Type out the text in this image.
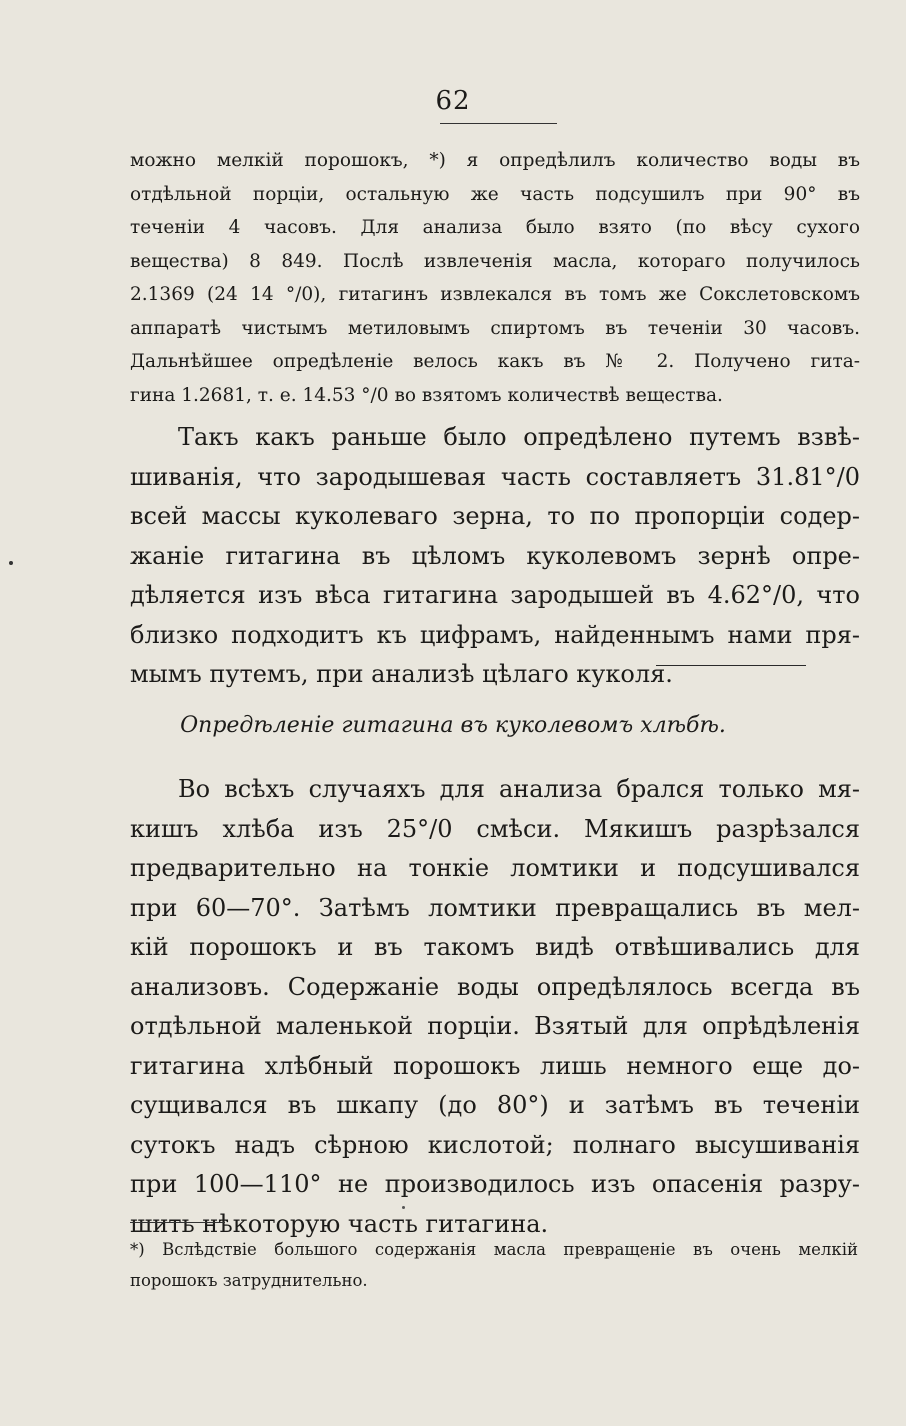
62
можно мелкій порошокъ, *) я опредѣлилъ количество воды въ
отдѣльной порціи, остальную же часть подсушилъ при 90° въ
теченіи 4 часовъ. Для анализа было взято (по вѣсу сухого
вещества) 8 849. Послѣ извлеченія масла, котораго получилось
2.1369 (24 14 °/0), гитагинъ извлекался въ томъ же Сокслетовскомъ
аппаратѣ чистымъ метиловымъ спиртомъ въ теченіи 30 часовъ.
Дальнѣйшее опредѣленіе велось какъ въ № 2. Получено гита-
гина 1.2681, т. е. 14.53 °/0 во взятомъ количествѣ вещества.
Такъ какъ раньше было опредѣлено путемъ взвѣ-
шиванія, что зародышевая часть составляетъ 31.81°/0
всей массы куколеваго зерна, то по пропорціи содер-
жаніе гитагина въ цѣломъ куколевомъ зернѣ опре-
дѣляется изъ вѣса гитагина зародышей въ 4.62°/0, что
близко подходитъ къ цифрамъ, найденнымъ нами пря-
мымъ путемъ, при анализѣ цѣлаго куколя.
Опредѣленіе гитагина въ куколевомъ хлѣбѣ.
Во всѣхъ случаяхъ для анализа брался только мя-
кишъ хлѣба изъ 25°/0 смѣси. Мякишъ разрѣзался
предварительно на тонкіе ломтики и подсушивался
при 60—70°. Затѣмъ ломтики превращались въ мел-
кій порошокъ и въ такомъ видѣ отвѣшивались для
анализовъ. Содержаніе воды опредѣлялось всегда въ
отдѣльной маленькой порціи. Взятый для опрѣдѣленія
гитагина хлѣбный порошокъ лишь немного еще до-
сущивался въ шкапу (до 80°) и затѣмъ въ теченіи
сутокъ надъ сѣрною кислотой; полнаго высушиванія
при 100—110° не производилось изъ опасенія разру-
шить нѣкоторую часть гитагина.
*) Вслѣдствіе большого содержанія масла превращеніе въ очень мелкій
порошокъ затруднительно.
